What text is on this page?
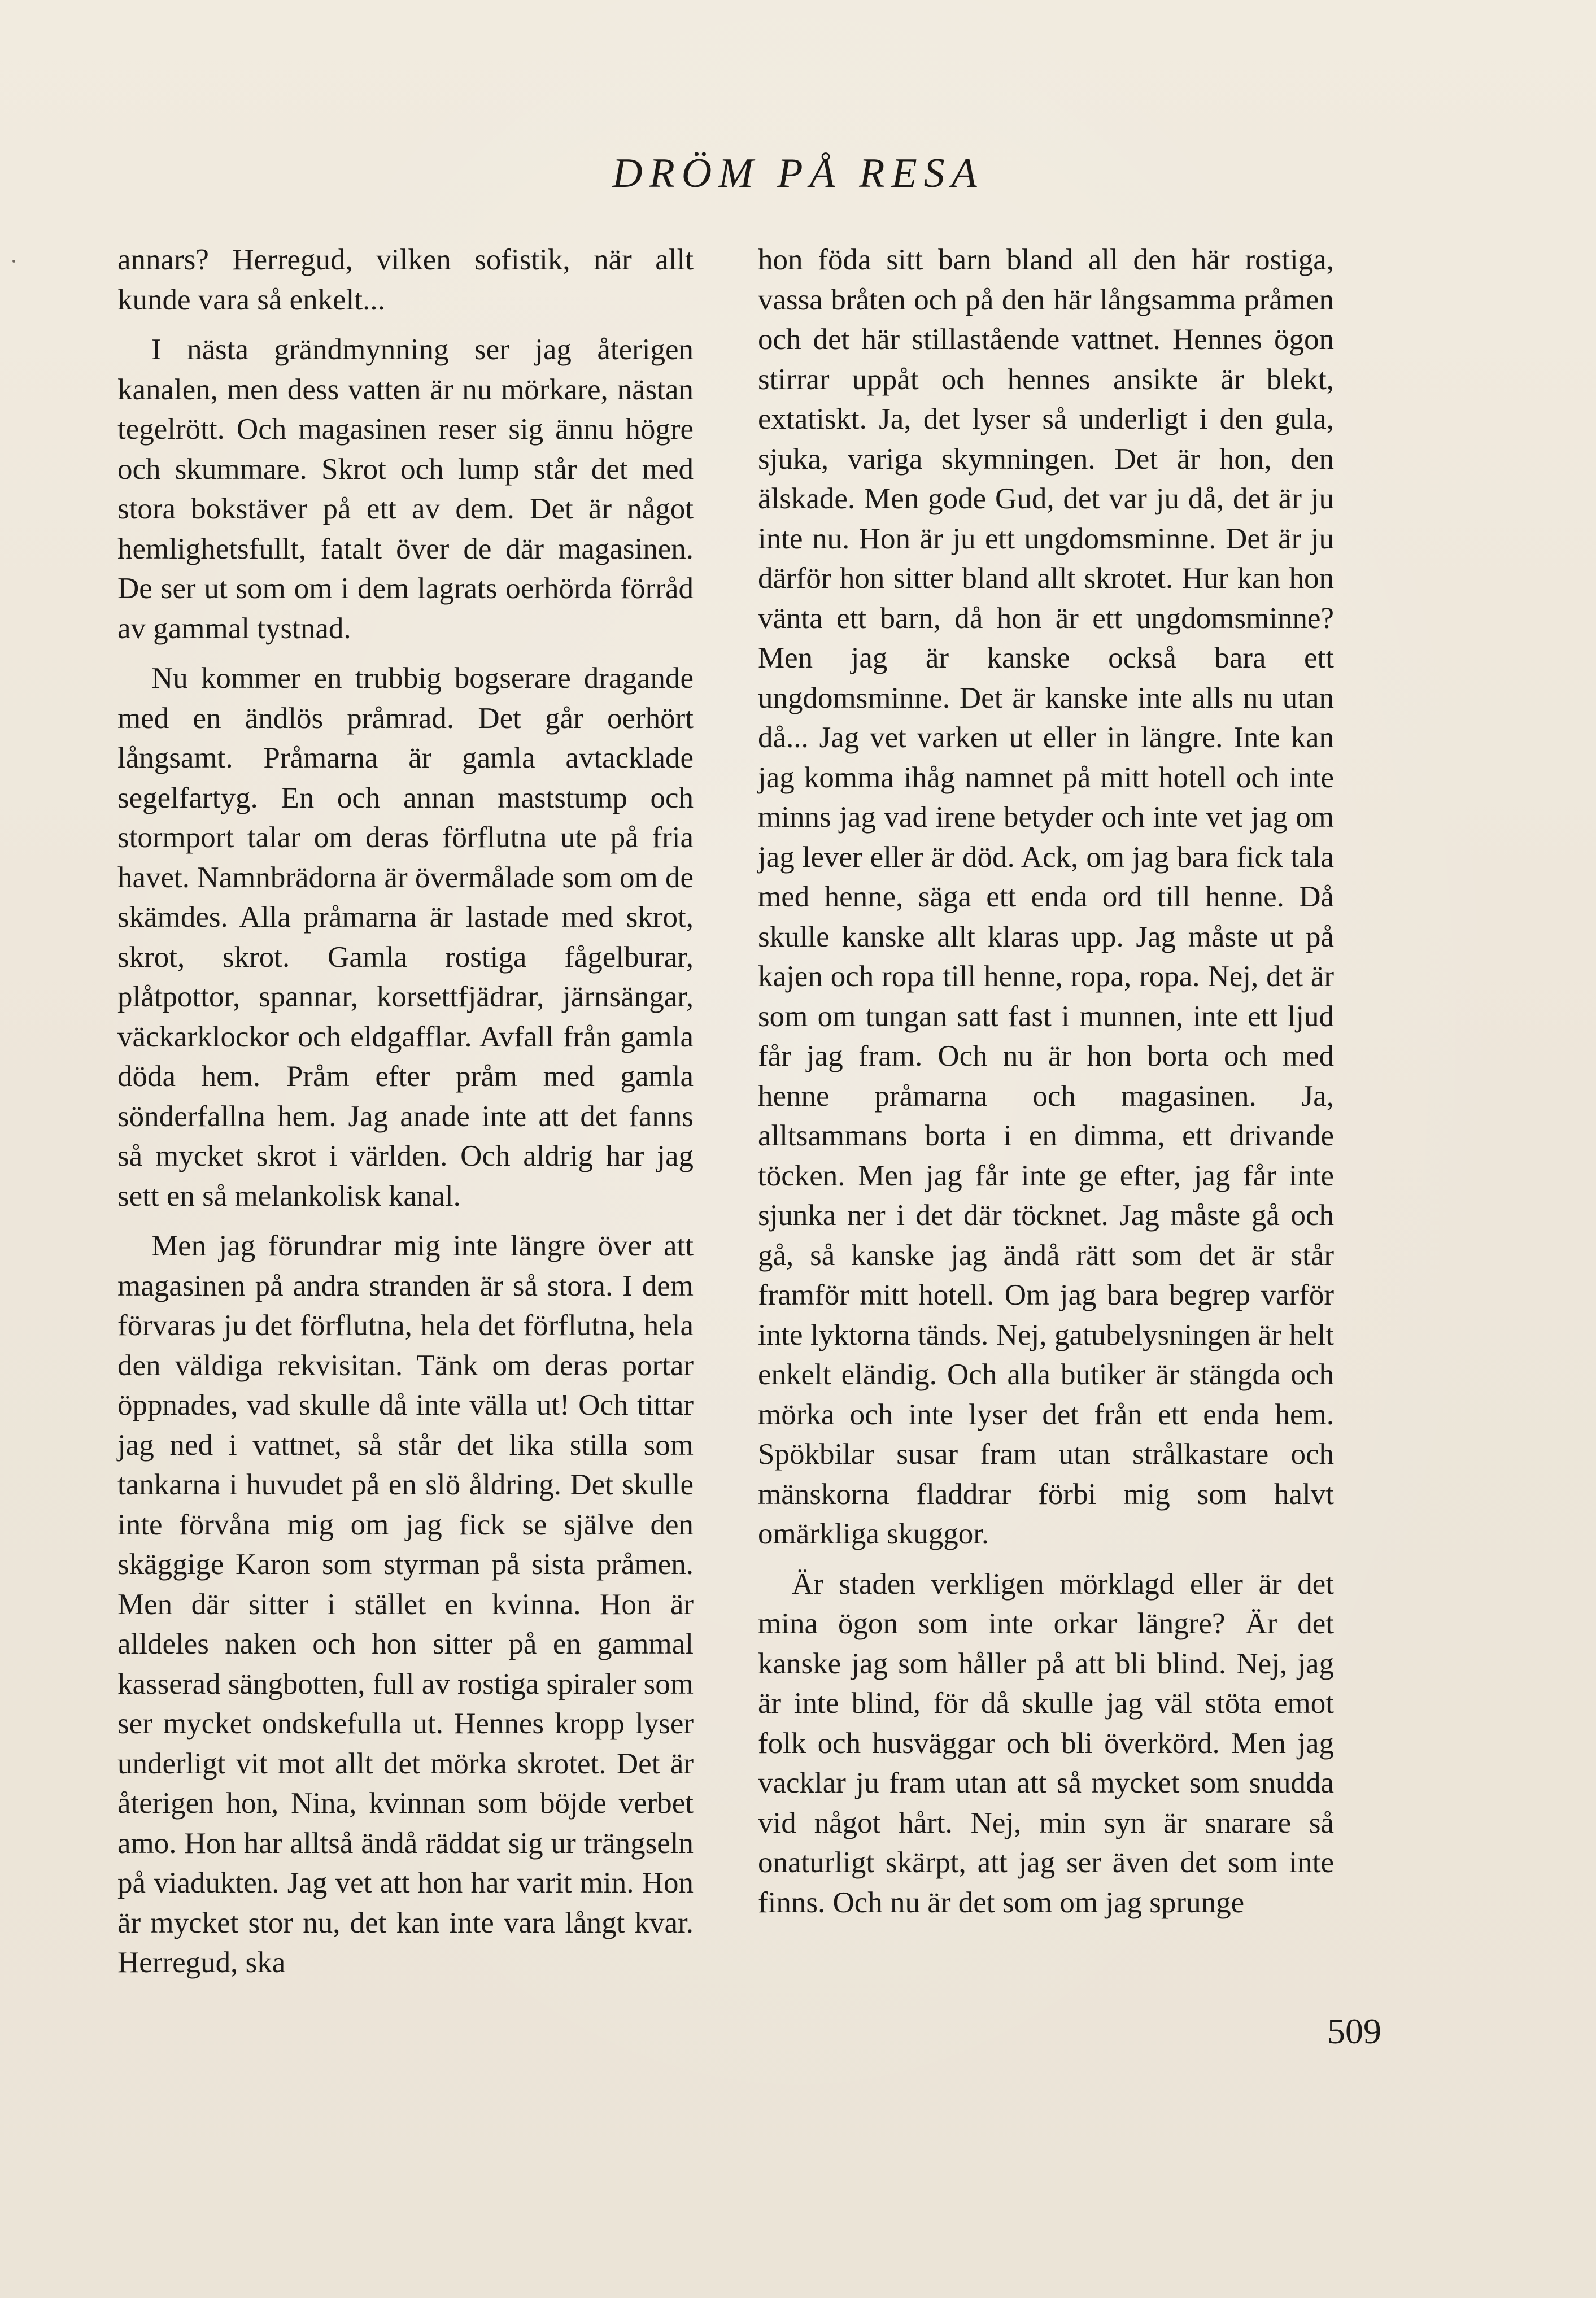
DRÖM PÅ RESA

annars? Herregud, vilken sofistik, när allt kunde vara så enkelt...

I nästa grändmynning ser jag återigen kanalen, men dess vatten är nu mörkare, nästan tegelrött. Och magasinen reser sig ännu högre och skummare. Skrot och lump står det med stora bokstäver på ett av dem. Det är något hemlighetsfullt, fatalt över de där magasinen. De ser ut som om i dem lagrats oerhörda förråd av gammal tystnad.

Nu kommer en trubbig bogserare dragande med en ändlös pråmrad. Det går oerhört långsamt. Pråmarna är gamla avtacklade segelfartyg. En och annan maststump och stormport talar om deras förflutna ute på fria havet. Namnbrädorna är övermålade som om de skämdes. Alla pråmarna är lastade med skrot, skrot, skrot. Gamla rostiga fågelburar, plåtpottor, spannar, korsettfjädrar, järnsängar, väckarklockor och eldgafflar. Avfall från gamla döda hem. Pråm efter pråm med gamla sönderfallna hem. Jag anade inte att det fanns så mycket skrot i världen. Och aldrig har jag sett en så melankolisk kanal.

Men jag förundrar mig inte längre över att magasinen på andra stranden är så stora. I dem förvaras ju det förflutna, hela det förflutna, hela den väldiga rekvisitan. Tänk om deras portar öppnades, vad skulle då inte välla ut! Och tittar jag ned i vattnet, så står det lika stilla som tankarna i huvudet på en slö åldring. Det skulle inte förvåna mig om jag fick se själve den skäggige Karon som styrman på sista pråmen. Men där sitter i stället en kvinna. Hon är alldeles naken och hon sitter på en gammal kasserad sängbotten, full av rostiga spiraler som ser mycket ondskefulla ut. Hennes kropp lyser underligt vit mot allt det mörka skrotet. Det är återigen hon, Nina, kvinnan som böjde verbet amo. Hon har alltså ändå räddat sig ur trängseln på viadukten. Jag vet att hon har varit min. Hon är mycket stor nu, det kan inte vara långt kvar. Herregud, ska

hon föda sitt barn bland all den här rostiga, vassa bråten och på den här långsamma pråmen och det här stillastående vattnet. Hennes ögon stirrar uppåt och hennes ansikte är blekt, extatiskt. Ja, det lyser så underligt i den gula, sjuka, variga skymningen. Det är hon, den älskade. Men gode Gud, det var ju då, det är ju inte nu. Hon är ju ett ungdomsminne. Det är ju därför hon sitter bland allt skrotet. Hur kan hon vänta ett barn, då hon är ett ungdomsminne? Men jag är kanske också bara ett ungdomsminne. Det är kanske inte alls nu utan då... Jag vet varken ut eller in längre. Inte kan jag komma ihåg namnet på mitt hotell och inte minns jag vad irene betyder och inte vet jag om jag lever eller är död. Ack, om jag bara fick tala med henne, säga ett enda ord till henne. Då skulle kanske allt klaras upp. Jag måste ut på kajen och ropa till henne, ropa, ropa. Nej, det är som om tungan satt fast i munnen, inte ett ljud får jag fram. Och nu är hon borta och med henne pråmarna och magasinen. Ja, alltsammans borta i en dimma, ett drivande töcken. Men jag får inte ge efter, jag får inte sjunka ner i det där töcknet. Jag måste gå och gå, så kanske jag ändå rätt som det är står framför mitt hotell. Om jag bara begrep varför inte lyktorna tänds. Nej, gatubelysningen är helt enkelt eländig. Och alla butiker är stängda och mörka och inte lyser det från ett enda hem. Spökbilar susar fram utan strålkastare och mänskorna fladdrar förbi mig som halvt omärkliga skuggor.

Är staden verkligen mörklagd eller är det mina ögon som inte orkar längre? Är det kanske jag som håller på att bli blind. Nej, jag är inte blind, för då skulle jag väl stöta emot folk och husväggar och bli överkörd. Men jag vacklar ju fram utan att så mycket som snudda vid något hårt. Nej, min syn är snarare så onaturligt skärpt, att jag ser även det som inte finns. Och nu är det som om jag sprunge

509
